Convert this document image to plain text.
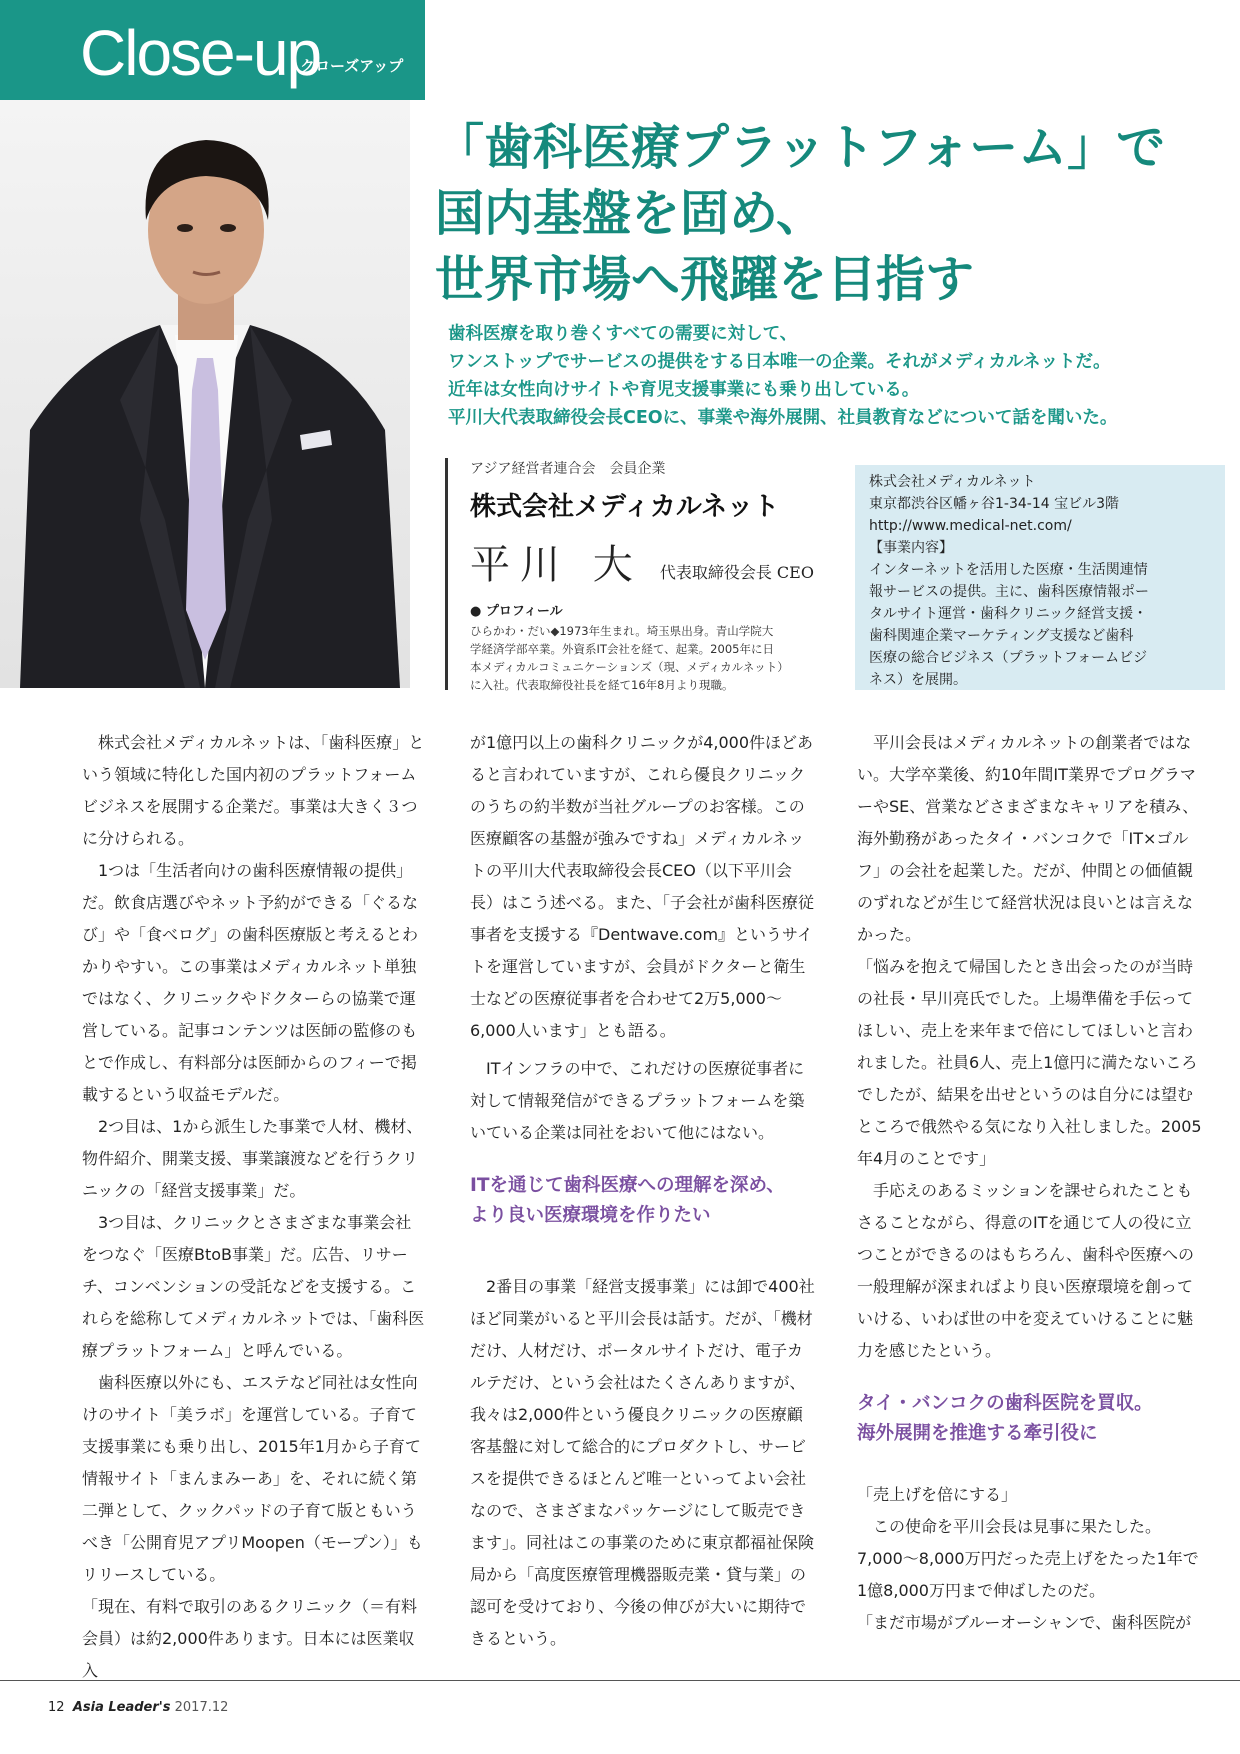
Close-up
クローズアップ
「歯科医療プラットフォーム」で
国内基盤を固め、
世界市場へ飛躍を目指す
歯科医療を取り巻くすべての需要に対して、
ワンストップでサービスの提供をする日本唯一の企業。それがメディカルネットだ。
近年は女性向けサイトや育児支援事業にも乗り出している。
平川大代表取締役会長CEOに、事業や海外展開、社員教育などについて話を聞いた。
アジア経営者連合会　会員企業
株式会社メディカルネット
平川 大 代表取締役会長 CEO
● プロフィール
ひらかわ・だい◆1973年生まれ。埼玉県出身。青山学院大
学経済学部卒業。外資系IT会社を経て、起業。2005年に日
本メディカルコミュニケーションズ（現、メディカルネット）
に入社。代表取締役社長を経て16年8月より現職。
株式会社メディカルネット
東京都渋谷区幡ヶ谷1-34-14 宝ビル3階
http://www.medical-net.com/
【事業内容】
インターネットを活用した医療・生活関連情
報サービスの提供。主に、歯科医療情報ポー
タルサイト運営・歯科クリニック経営支援・
歯科関連企業マーケティング支援など歯科
医療の総合ビジネス（プラットフォームビジ
ネス）を展開。

　株式会社メディカルネットは、「歯科医療」という領域に特化した国内初のプラットフォームビジネスを展開する企業だ。事業は大きく３つに分けられる。

　1つは「生活者向けの歯科医療情報の提供」だ。飲食店選びやネット予約ができる「ぐるなび」や「食べログ」の歯科医療版と考えるとわかりやすい。この事業はメディカルネット単独ではなく、クリニックやドクターらの協業で運営している。記事コンテンツは医師の監修のもとで作成し、有料部分は医師からのフィーで掲載するという収益モデルだ。

　2つ目は、1から派生した事業で人材、機材、物件紹介、開業支援、事業譲渡などを行うクリニックの「経営支援事業」だ。

　3つ目は、クリニックとさまざまな事業会社をつなぐ「医療BtoB事業」だ。広告、リサーチ、コンベンションの受託などを支援する。これらを総称してメディカルネットでは、「歯科医療プラットフォーム」と呼んでいる。

　歯科医療以外にも、エステなど同社は女性向けのサイト「美ラボ」を運営している。子育て支援事業にも乗り出し、2015年1月から子育て情報サイト「まんまみーあ」を、それに続く第二弾として、クックパッドの子育て版ともいうべき「公開育児アプリMoopen（モープン）」もリリースしている。

「現在、有料で取引のあるクリニック（＝有料会員）は約2,000件あります。日本には医業収入

が1億円以上の歯科クリニックが4,000件ほどあると言われていますが、これら優良クリニックのうちの約半数が当社グループのお客様。この医療顧客の基盤が強みですね」メディカルネットの平川大代表取締役会長CEO（以下平川会長）はこう述べる。また、「子会社が歯科医療従事者を支援する『Dentwave.com』というサイトを運営していますが、会員がドクターと衛生士などの医療従事者を合わせて2万5,000〜6,000人います」とも語る。

　ITインフラの中で、これだけの医療従事者に対して情報発信ができるプラットフォームを築いている企業は同社をおいて他にはない。

ITを通じて歯科医療への理解を深め、
より良い医療環境を作りたい

　2番目の事業「経営支援事業」には卸で400社ほど同業がいると平川会長は話す。だが、「機材だけ、人材だけ、ポータルサイトだけ、電子カルテだけ、という会社はたくさんありますが、我々は2,000件という優良クリニックの医療顧客基盤に対して総合的にプロダクトし、サービスを提供できるほとんど唯一といってよい会社なので、さまざまなパッケージにして販売できます」。同社はこの事業のために東京都福祉保険局から「高度医療管理機器販売業・貸与業」の認可を受けており、今後の伸びが大いに期待できるという。

　平川会長はメディカルネットの創業者ではない。大学卒業後、約10年間IT業界でプログラマーやSE、営業などさまざまなキャリアを積み、海外勤務があったタイ・バンコクで「IT×ゴルフ」の会社を起業した。だが、仲間との価値観のずれなどが生じて経営状況は良いとは言えなかった。

「悩みを抱えて帰国したとき出会ったのが当時の社長・早川亮氏でした。上場準備を手伝ってほしい、売上を来年まで倍にしてほしいと言われました。社員6人、売上1億円に満たないころでしたが、結果を出せというのは自分には望むところで俄然やる気になり入社しました。2005年4月のことです」

　手応えのあるミッションを課せられたこともさることながら、得意のITを通じて人の役に立つことができるのはもちろん、歯科や医療への一般理解が深まればより良い医療環境を創っていける、いわば世の中を変えていけることに魅力を感じたという。

タイ・バンコクの歯科医院を買収。
海外展開を推進する牽引役に

「売上げを倍にする」

　この使命を平川会長は見事に果たした。7,000〜8,000万円だった売上げをたった1年で1億8,000万円まで伸ばしたのだ。

「まだ市場がブルーオーシャンで、歯科医院が

12 Asia Leader's 2017.12
